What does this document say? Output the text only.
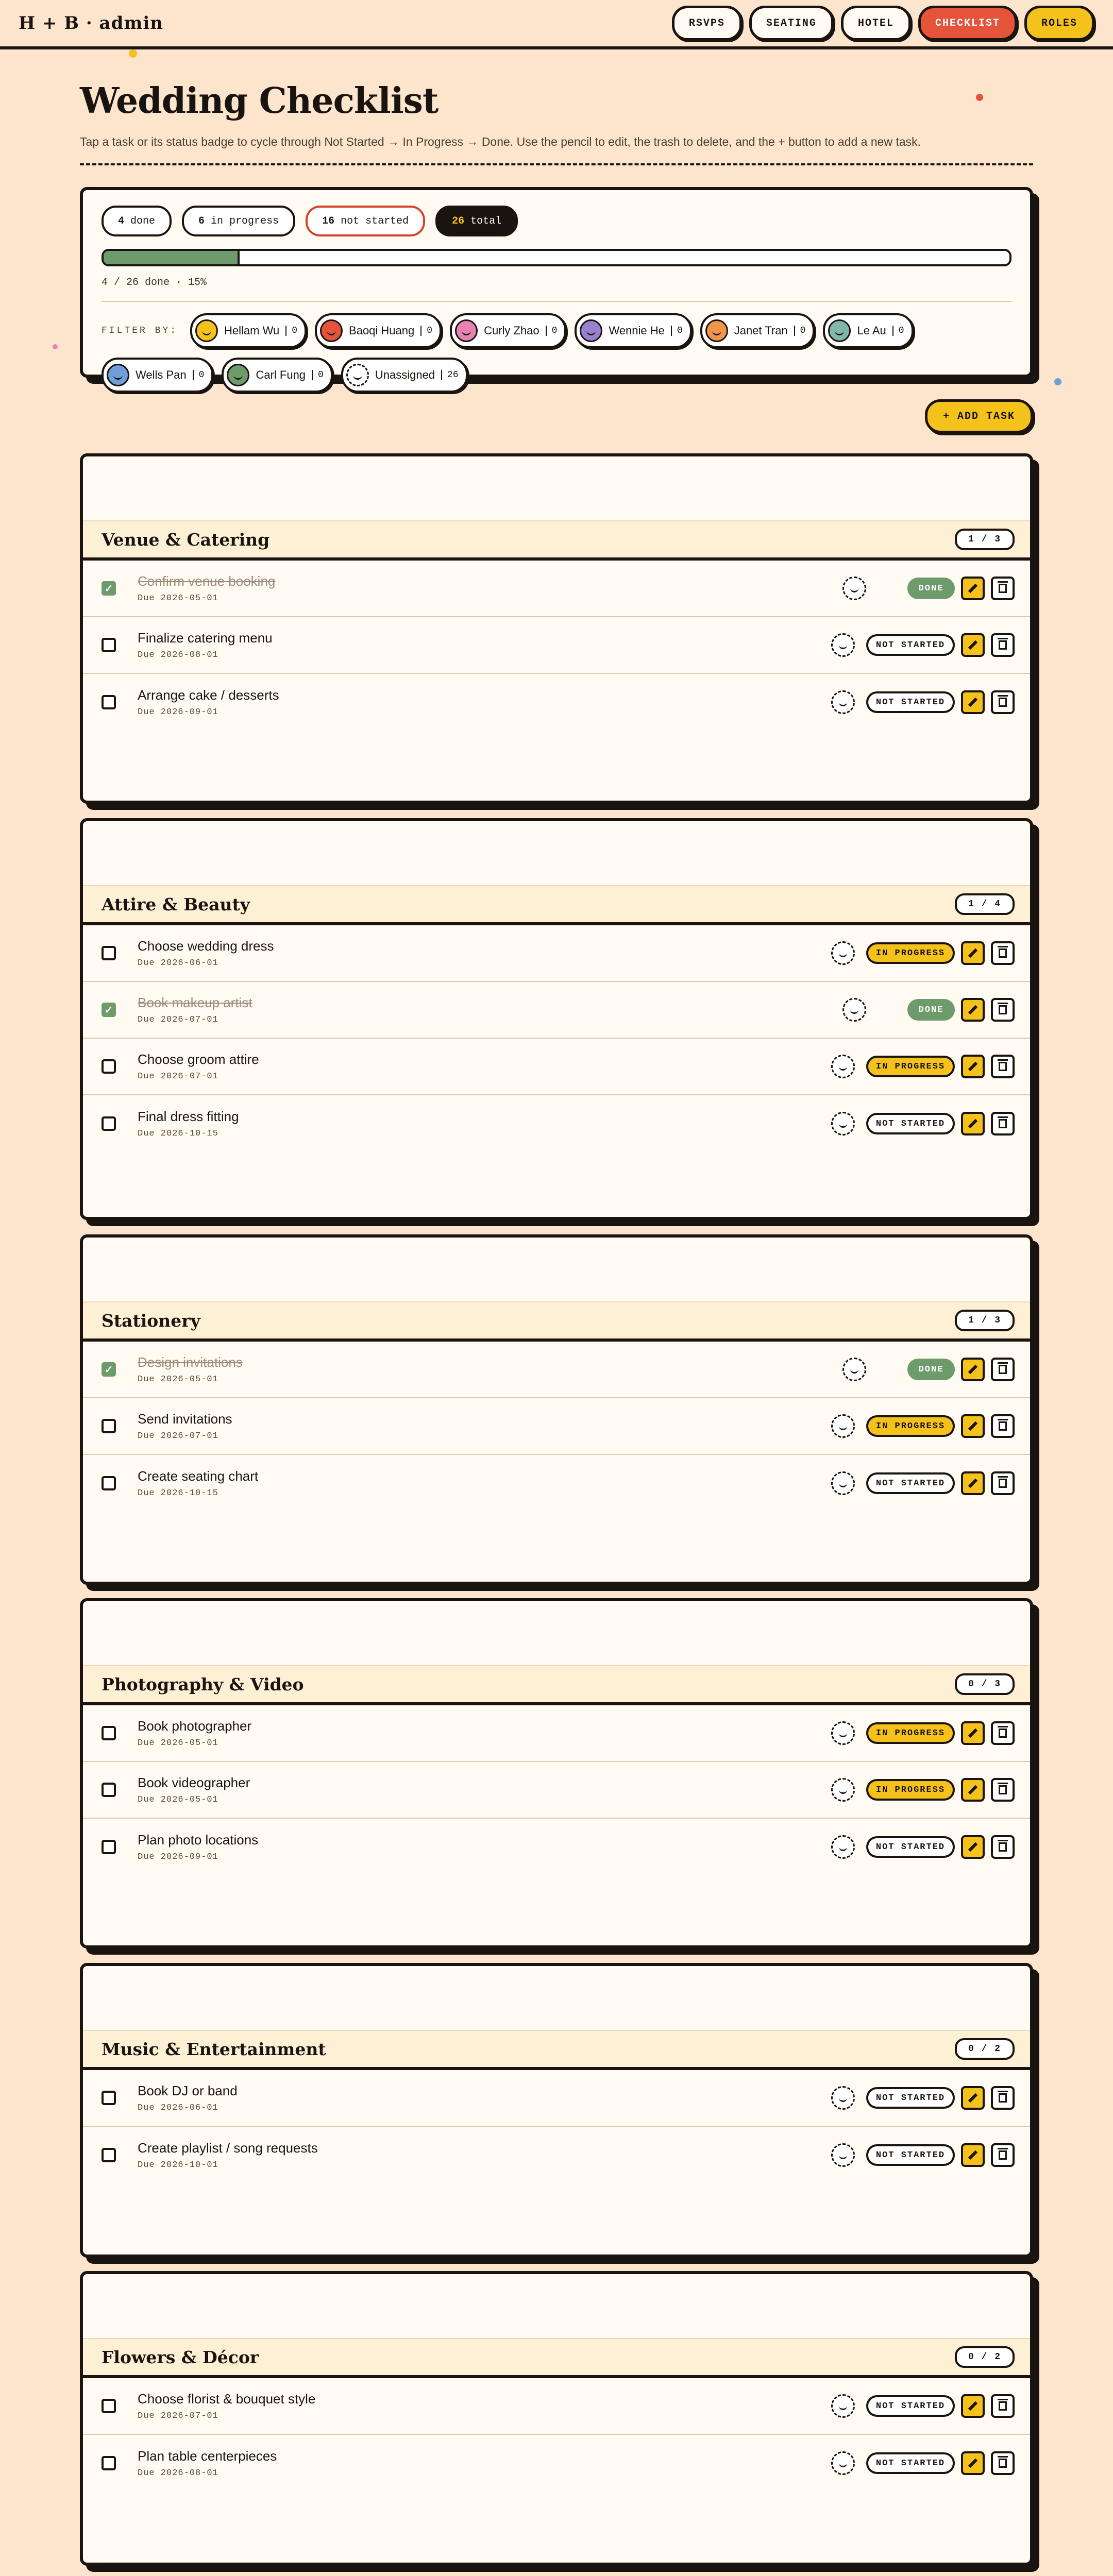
H + B · admin	RSVPS	SEATING	HOTEL	CHECKLIST	ROLES
Wedding Checklist
Tap a task or its status badge to cycle through Not Started → In Progress → Done. Use the pencil to edit, the trash to delete, and the + button to add a new task.
4 done	6 in progress	16 not started	26 total
4 / 26 done · 15%
FILTER BY:	Hellam Wu	0	Baoqi Huang	0	Curly Zhao	0	Wennie He	0	Janet Tran	0	Le Au	0
Wells Pan	0	Carl Fung	0	Unassigned	26
+ ADD TASK
Venue & Catering	1 / 3
✓ Confirm venue booking
Due 2026-05-01
DONE
Finalize catering menu
Due 2026-08-01
NOT STARTED
Arrange cake / desserts
Due 2026-09-01
NOT STARTED
Attire & Beauty	1 / 4
Choose wedding dress
Due 2026-06-01
IN PROGRESS
✓ Book makeup artist
Due 2026-07-01
DONE
Choose groom attire
Due 2026-07-01
IN PROGRESS
Final dress fitting
Due 2026-10-15
NOT STARTED
Stationery	1 / 3
✓ Design invitations
Due 2026-05-01
DONE
Send invitations
Due 2026-07-01
IN PROGRESS
Create seating chart
Due 2026-10-15
NOT STARTED
Photography & Video	0 / 3
Book photographer
Due 2026-05-01
IN PROGRESS
Book videographer
Due 2026-05-01
IN PROGRESS
Plan photo locations
Due 2026-09-01
NOT STARTED
Music & Entertainment	0 / 2
Book DJ or band
Due 2026-06-01
NOT STARTED
Create playlist / song requests
Due 2026-10-01
NOT STARTED
Flowers & Décor	0 / 2
Choose florist & bouquet style
Due 2026-07-01
NOT STARTED
Plan table centerpieces
Due 2026-08-01
NOT STARTED
